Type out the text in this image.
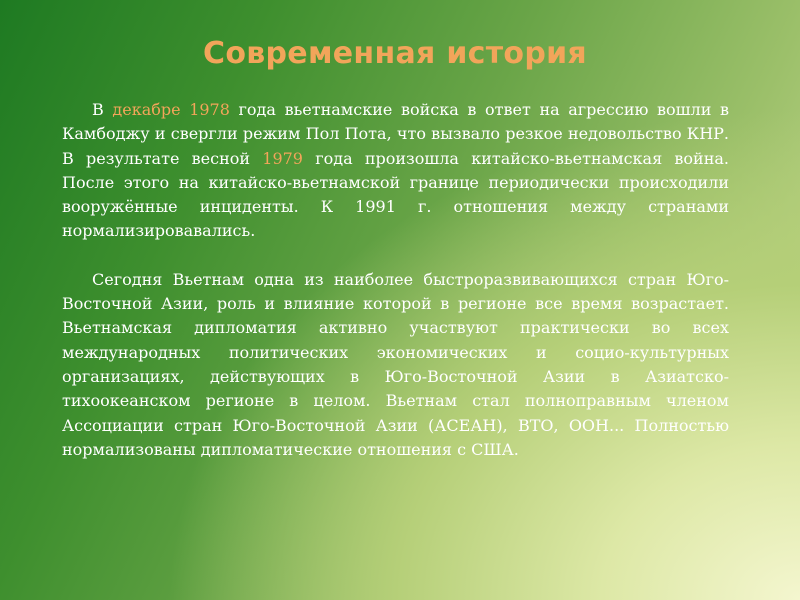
Современная история

В декабре 1978 года вьетнамские войска в ответ на агрессию вошли в Камбоджу и свергли режим Пол Пота, что вызвало резкое недовольство КНР. В результате весной 1979 года произошла китайско-вьетнамская война. После этого на китайско-вьетнамской границе периодически происходили вооружённые инциденты. К 1991 г. отношения между странами нормализировавались.

Сегодня Вьетнам одна из наиболее быстроразвивающихся стран Юго-Восточной Азии, роль и влияние которой в регионе все время возрастает. Вьетнамская дипломатия активно участвуют практически во всех международных политических экономических и социо-культурных организациях, действующих в Юго-Восточной Азии в Азиатско-тихоокеанском регионе в целом. Вьетнам стал полноправным членом Ассоциации стран Юго-Восточной Азии (АСЕАН), ВТО, ООН... Полностью нормализованы дипломатические отношения с США.
